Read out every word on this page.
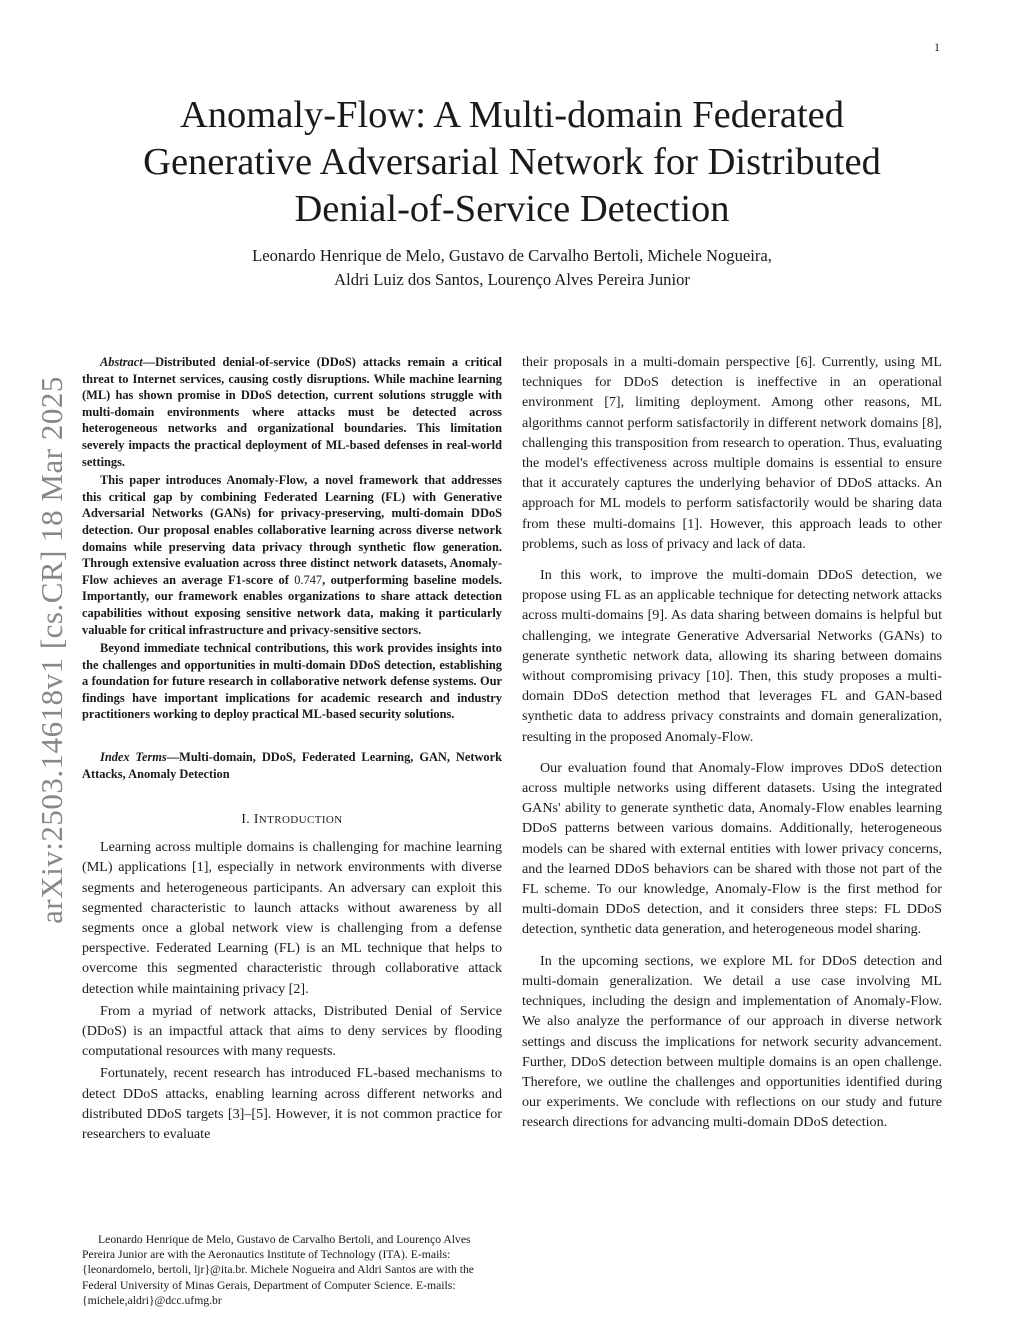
1
arXiv:2503.14618v1 [cs.CR] 18 Mar 2025
Anomaly-Flow: A Multi-domain Federated Generative Adversarial Network for Distributed Denial-of-Service Detection
Leonardo Henrique de Melo, Gustavo de Carvalho Bertoli, Michele Nogueira,
Aldri Luiz dos Santos, Lourenço Alves Pereira Junior

Abstract—Distributed denial-of-service (DDoS) attacks remain a critical threat to Internet services, causing costly disruptions. While machine learning (ML) has shown promise in DDoS detection, current solutions struggle with multi-domain environments where attacks must be detected across heterogeneous networks and organizational boundaries. This limitation severely impacts the practical deployment of ML-based defenses in real-world settings.

This paper introduces Anomaly-Flow, a novel framework that addresses this critical gap by combining Federated Learning (FL) with Generative Adversarial Networks (GANs) for privacy-preserving, multi-domain DDoS detection. Our proposal enables collaborative learning across diverse network domains while preserving data privacy through synthetic flow generation. Through extensive evaluation across three distinct network datasets, Anomaly-Flow achieves an average F1-score of 0.747, outperforming baseline models. Importantly, our framework enables organizations to share attack detection capabilities without exposing sensitive network data, making it particularly valuable for critical infrastructure and privacy-sensitive sectors.

Beyond immediate technical contributions, this work provides insights into the challenges and opportunities in multi-domain DDoS detection, establishing a foundation for future research in collaborative network defense systems. Our findings have important implications for academic research and industry practitioners working to deploy practical ML-based security solutions.

Index Terms—Multi-domain, DDoS, Federated Learning, GAN, Network Attacks, Anomaly Detection

I. INTRODUCTION

Learning across multiple domains is challenging for machine learning (ML) applications [1], especially in network environments with diverse segments and heterogeneous participants. An adversary can exploit this segmented characteristic to launch attacks without awareness by all segments once a global network view is challenging from a defense perspective. Federated Learning (FL) is an ML technique that helps to overcome this segmented characteristic through collaborative attack detection while maintaining privacy [2].

From a myriad of network attacks, Distributed Denial of Service (DDoS) is an impactful attack that aims to deny services by flooding computational resources with many requests.

Fortunately, recent research has introduced FL-based mechanisms to detect DDoS attacks, enabling learning across different networks and distributed DDoS targets [3]–[5]. However, it is not common practice for researchers to evaluate

their proposals in a multi-domain perspective [6]. Currently, using ML techniques for DDoS detection is ineffective in an operational environment [7], limiting deployment. Among other reasons, ML algorithms cannot perform satisfactorily in different network domains [8], challenging this transposition from research to operation. Thus, evaluating the model's effectiveness across multiple domains is essential to ensure that it accurately captures the underlying behavior of DDoS attacks. An approach for ML models to perform satisfactorily would be sharing data from these multi-domains [1]. However, this approach leads to other problems, such as loss of privacy and lack of data.

In this work, to improve the multi-domain DDoS detection, we propose using FL as an applicable technique for detecting network attacks across multi-domains [9]. As data sharing between domains is helpful but challenging, we integrate Generative Adversarial Networks (GANs) to generate synthetic network data, allowing its sharing between domains without compromising privacy [10]. Then, this study proposes a multi-domain DDoS detection method that leverages FL and GAN-based synthetic data to address privacy constraints and domain generalization, resulting in the proposed Anomaly-Flow.

Our evaluation found that Anomaly-Flow improves DDoS detection across multiple networks using different datasets. Using the integrated GANs' ability to generate synthetic data, Anomaly-Flow enables learning DDoS patterns between various domains. Additionally, heterogeneous models can be shared with external entities with lower privacy concerns, and the learned DDoS behaviors can be shared with those not part of the FL scheme. To our knowledge, Anomaly-Flow is the first method for multi-domain DDoS detection, and it considers three steps: FL DDoS detection, synthetic data generation, and heterogeneous model sharing.

In the upcoming sections, we explore ML for DDoS detection and multi-domain generalization. We detail a use case involving ML techniques, including the design and implementation of Anomaly-Flow. We also analyze the performance of our approach in diverse network settings and discuss the implications for network security advancement. Further, DDoS detection between multiple domains is an open challenge. Therefore, we outline the challenges and opportunities identified during our experiments. We conclude with reflections on our study and future research directions for advancing multi-domain DDoS detection.

Leonardo Henrique de Melo, Gustavo de Carvalho Bertoli, and Lourenço Alves Pereira Junior are with the Aeronautics Institute of Technology (ITA). E-mails: {leonardomelo, bertoli, ljr}@ita.br. Michele Nogueira and Aldri Santos are with the Federal University of Minas Gerais, Department of Computer Science. E-mails: {michele,aldri}@dcc.ufmg.br
